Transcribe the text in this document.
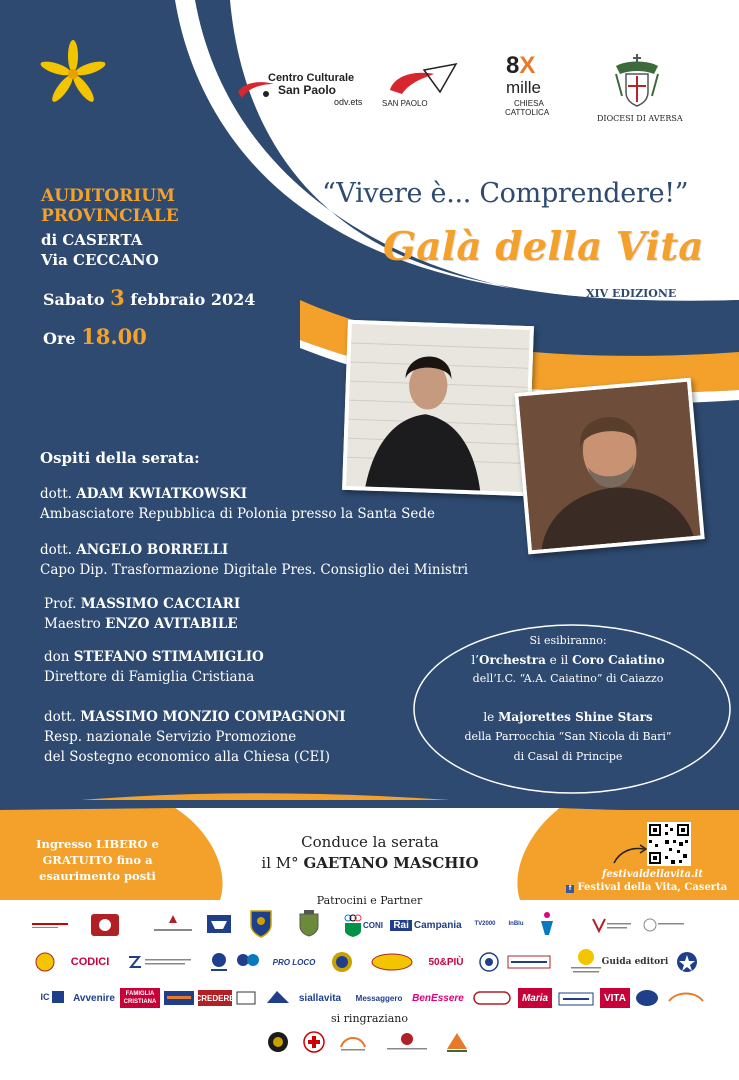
Festival della Vita
Centro Culturale
San Paolo
odv.ets SAN PAOLO
8X
mille
CHIESA
CATTOLICA
DIOCESI DI AVERSA
AUDITORIUM
PROVINCIALE
di CASERTA
Via CECCANO
Sabato 3 febbraio 2024
Ore 18.00
“Vivere è... Comprendere!”
Galà della Vita
XIV EDIZIONE
Ospiti della serata:
dott. ADAM KWIATKOWSKI
Ambasciatore Repubblica di Polonia presso la Santa Sede
dott. ANGELO BORRELLI
Capo Dip. Trasformazione Digitale Pres. Consiglio dei Ministri
Prof. MASSIMO CACCIARI
Maestro ENZO AVITABILE
don STEFANO STIMAMIGLIO
Direttore di Famiglia Cristiana
dott. MASSIMO MONZIO COMPAGNONI
Resp. nazionale Servizio Promozione
del Sostegno economico alla Chiesa (CEI)
Si esibiranno:
l’Orchestra e il Coro Caiatino
dell’I.C. “A.A. Caiatino” di Caiazzo
le Majorettes Shine Stars
della Parrocchia “San Nicola di Bari”
di Casal di Principe
Ingresso LIBERO e
GRATUITO fino a
esaurimento posti
Conduce la serata
il M° GAETANO MASCHIO
festivaldellavita.it
f Festival della Vita, Caserta
Patrocini e Partner
CONI	Rai Campania TV2000	InBlu
CODICI	PRO LOCO	50&PIÙ	Guida editori
IC Avvenire	FAMIGLIA CRISTIANA	CREDERE	siallavita	Messaggero BenEssere	Maria	VITA
si ringraziano
